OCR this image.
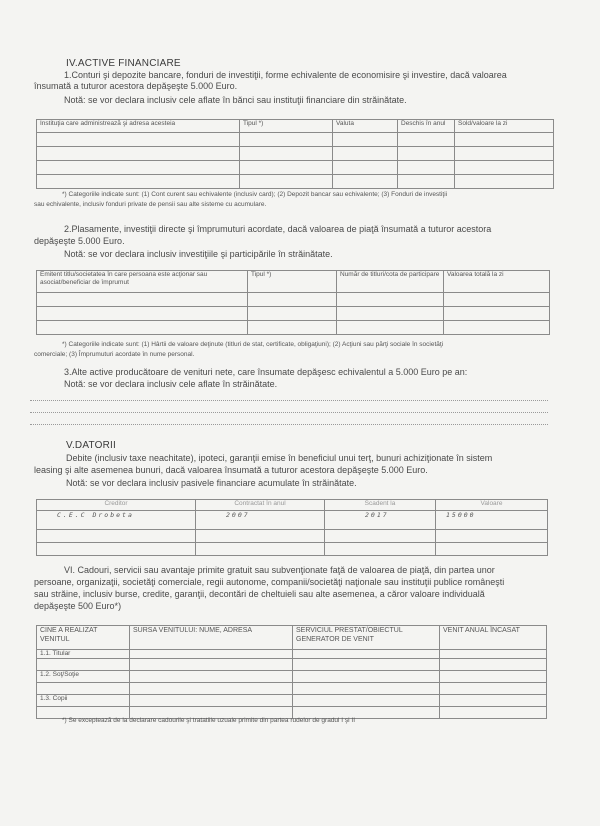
IV.ACTIVE FINANCIARE
1.Conturi şi depozite bancare, fonduri de investiţii, forme echivalente de economisire şi investire, dacă valoarea
însumată a tuturor acestora depăşeşte 5.000 Euro.
Notă: se vor declara inclusiv cele aflate în bănci sau instituţii financiare din străinătate.
Instituţia care administrează şi adresa acesteia	Tipul *)	Valuta	Deschis în anul	Sold/valoare la zi

*) Categoriile indicate sunt: (1) Cont curent sau echivalente (inclusiv card); (2) Depozit bancar sau echivalente; (3) Fonduri de investiţii
sau echivalente, inclusiv fonduri private de pensii sau alte sisteme cu acumulare.
2.Plasamente, investiţii directe şi împrumuturi acordate, dacă valoarea de piaţă însumată a tuturor acestora
depăşeşte 5.000 Euro.
Notă: se vor declara inclusiv investiţiile şi participările în străinătate.
Emitent titlu/societatea în care persoana este acţionar sau asociat/beneficiar de împrumut	Tipul *)	Număr de titluri/cota de participare	Valoarea totală la zi

*) Categoriile indicate sunt: (1) Hârtii de valoare deţinute (titluri de stat, certificate, obligaţiuni); (2) Acţiuni sau părţi sociale în societăţi
comerciale; (3) Împrumuturi acordate în nume personal.
3.Alte active producătoare de venituri nete, care însumate depăşesc echivalentul a 5.000 Euro pe an:
Notă: se vor declara inclusiv cele aflate în străinătate.
V.DATORII
Debite (inclusiv taxe neachitate), ipoteci, garanţii emise în beneficiul unui terţ, bunuri achiziţionate în sistem
leasing şi alte asemenea bunuri, dacă valoarea însumată a tuturor acestora depăşeşte 5.000 Euro.
Notă: se vor declara inclusiv pasivele financiare acumulate în străinătate.
Creditor	Contractat în anul	Scadent la	Valoare
C.E.C Drobeta	2007	2017	15000

VI. Cadouri, servicii sau avantaje primite gratuit sau subvenţionate faţă de valoarea de piaţă, din partea unor
persoane, organizaţii, societăţi comerciale, regii autonome, companii/societăţi naţionale sau instituţii publice româneşti
sau străine, inclusiv burse, credite, garanţii, decontări de cheltuieli sau alte asemenea, a căror valoare individuală
depăşeşte 500 Euro*)
CINE A REALIZAT VENITUL	SURSA VENITULUI: NUME, ADRESA	SERVICIUL PRESTAT/OBIECTUL GENERATOR DE VENIT	VENIT ANUAL ÎNCASAT
1.1. Titular			

1.2. Soţ/Soţie			

1.3. Copii			

*) Se exceptează de la declarare cadourile şi tratatiile uzuale primite din partea rudelor de gradul I şi II
